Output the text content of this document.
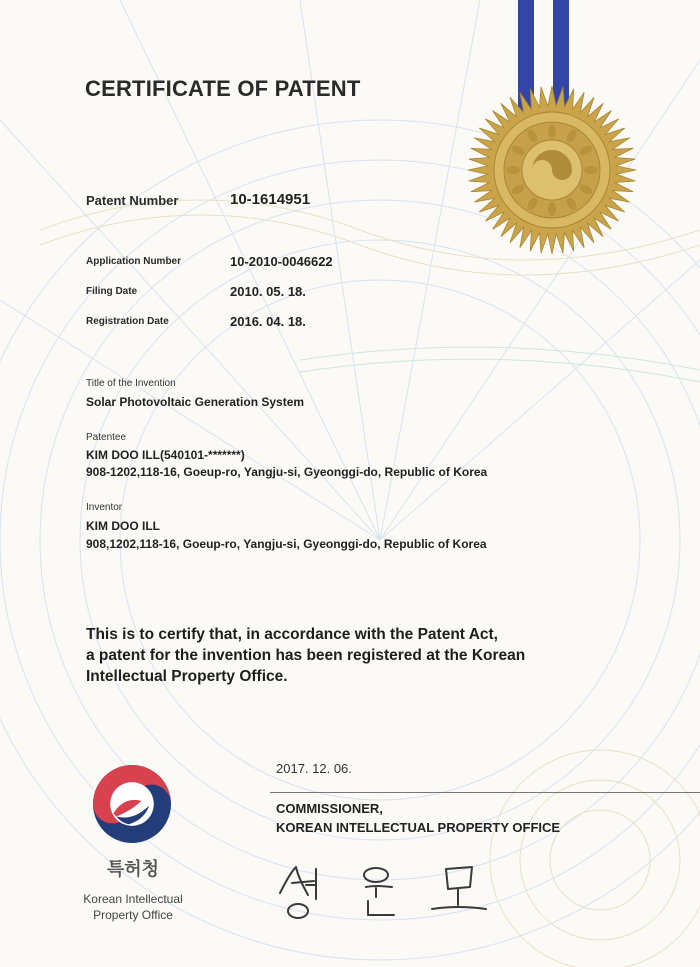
CERTIFICATE OF PATENT
Patent Number	10-1614951
Application Number	10-2010-0046622
Filing Date	2010. 05. 18.
Registration Date	2016. 04. 18.
Title of the Invention
Solar Photovoltaic Generation System
Patentee
KIM DOO ILL(540101-*******)
908-1202,118-16, Goeup-ro, Yangju-si, Gyeonggi-do, Republic of Korea
Inventor
KIM DOO ILL
908,1202,118-16, Goeup-ro, Yangju-si, Gyeonggi-do, Republic of Korea
This is to certify that, in accordance with the Patent Act,
a patent for the invention has been registered at the Korean
Intellectual Property Office.
2017. 12. 06.
COMMISSIONER,
KOREAN INTELLECTUAL PROPERTY OFFICE
특허청
Korean Intellectual
Property Office
